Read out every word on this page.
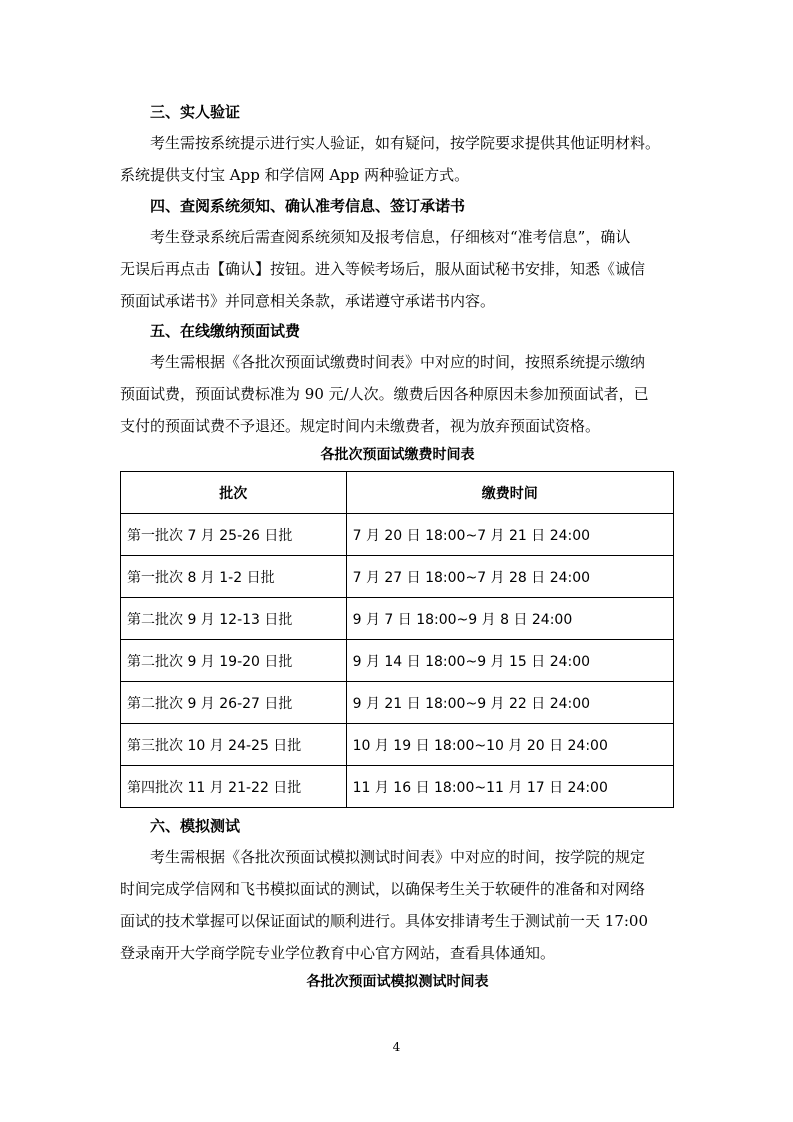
三、实人验证
考生需按系统提示进行实人验证，如有疑问，按学院要求提供其他证明材料。
系统提供支付宝 App 和学信网 App 两种验证方式。
四、查阅系统须知、确认准考信息、签订承诺书
考生登录系统后需查阅系统须知及报考信息，仔细核对“准考信息”，确认
无误后再点击【确认】按钮。进入等候考场后，服从面试秘书安排，知悉《诚信
预面试承诺书》并同意相关条款，承诺遵守承诺书内容。
五、在线缴纳预面试费
考生需根据《各批次预面试缴费时间表》中对应的时间，按照系统提示缴纳
预面试费，预面试费标准为 90 元/人次。缴费后因各种原因未参加预面试者，已
支付的预面试费不予退还。规定时间内未缴费者，视为放弃预面试资格。
各批次预面试缴费时间表
批次	缴费时间
第一批次 7 月 25-26 日批	7 月 20 日 18:00~7 月 21 日 24:00
第一批次 8 月 1-2 日批	7 月 27 日 18:00~7 月 28 日 24:00
第二批次 9 月 12-13 日批	9 月 7 日 18:00~9 月 8 日 24:00
第二批次 9 月 19-20 日批	9 月 14 日 18:00~9 月 15 日 24:00
第二批次 9 月 26-27 日批	9 月 21 日 18:00~9 月 22 日 24:00
第三批次 10 月 24-25 日批	10 月 19 日 18:00~10 月 20 日 24:00
第四批次 11 月 21-22 日批	11 月 16 日 18:00~11 月 17 日 24:00
六、模拟测试
考生需根据《各批次预面试模拟测试时间表》中对应的时间，按学院的规定
时间完成学信网和飞书模拟面试的测试，以确保考生关于软硬件的准备和对网络
面试的技术掌握可以保证面试的顺利进行。具体安排请考生于测试前一天 17:00
登录南开大学商学院专业学位教育中心官方网站，查看具体通知。
各批次预面试模拟测试时间表
4
